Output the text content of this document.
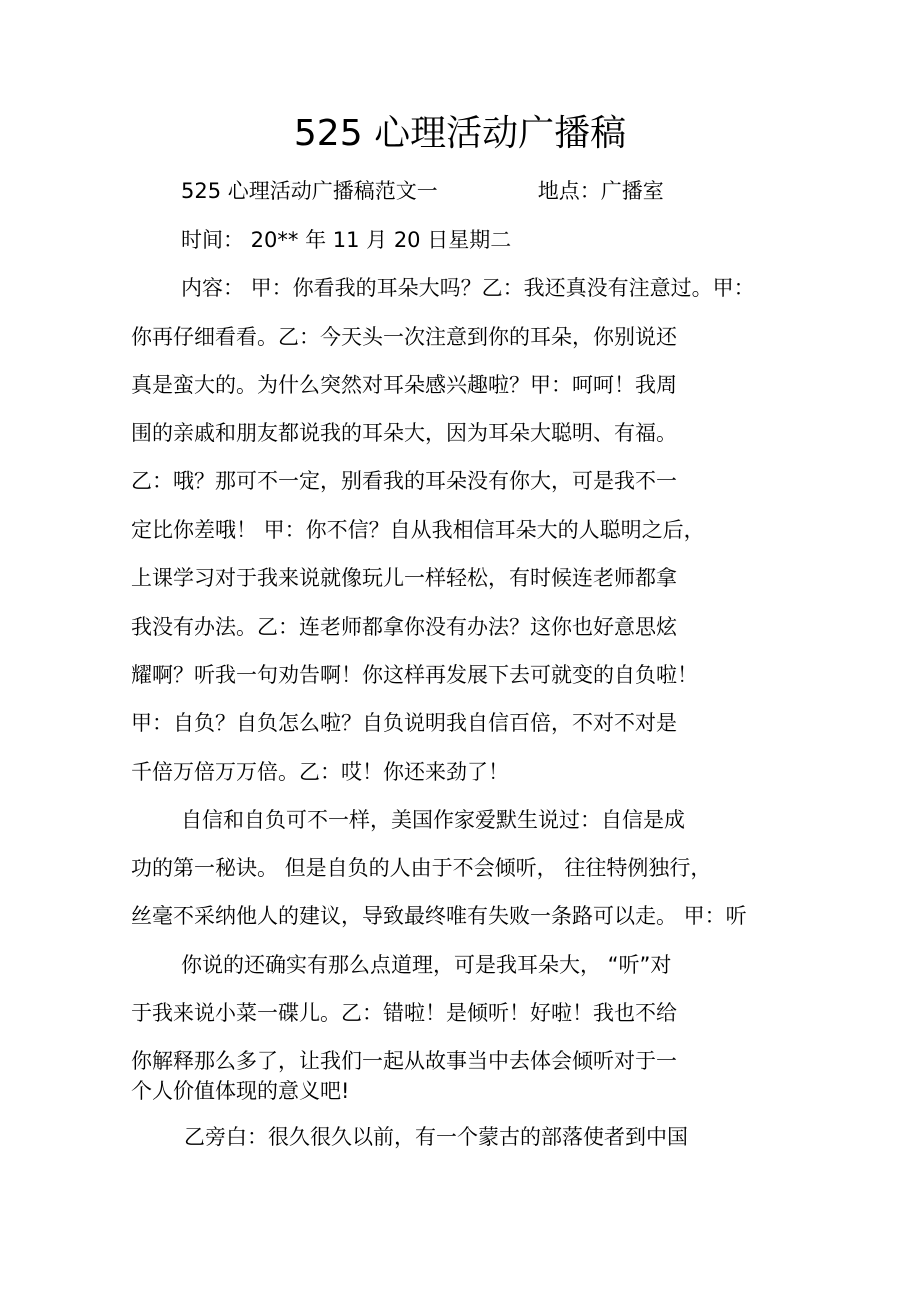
525 心理活动广播稿
525 心理活动广播稿范文一	地点：广播室
时间： 20** 年 11 月 20 日星期二
内容： 甲：你看我的耳朵大吗？乙：我还真没有注意过。甲：
你再仔细看看。乙：今天头一次注意到你的耳朵，你别说还
真是蛮大的。为什么突然对耳朵感兴趣啦？甲：呵呵！我周
围的亲戚和朋友都说我的耳朵大，因为耳朵大聪明、有福。
乙：哦？那可不一定，别看我的耳朵没有你大，可是我不一
定比你差哦！ 甲：你不信？自从我相信耳朵大的人聪明之后，
上课学习对于我来说就像玩儿一样轻松，有时候连老师都拿
我没有办法。乙：连老师都拿你没有办法？这你也好意思炫
耀啊？听我一句劝告啊！你这样再发展下去可就变的自负啦！
甲：自负？自负怎么啦？自负说明我自信百倍，不对不对是
千倍万倍万万倍。乙：哎！你还来劲了！
自信和自负可不一样，美国作家爱默生说过：自信是成
功的第一秘诀。 但是自负的人由于不会倾听， 往往特例独行，
丝毫不采纳他人的建议，导致最终唯有失败一条路可以走。 甲：听
你说的还确实有那么点道理，可是我耳朵大， “听”对
于我来说小菜一碟儿。乙：错啦！是倾听！好啦！我也不给
你解释那么多了，让我们一起从故事当中去体会倾听对于一
个人价值体现的意义吧!
乙旁白：很久很久以前，有一个蒙古的部落使者到中国
